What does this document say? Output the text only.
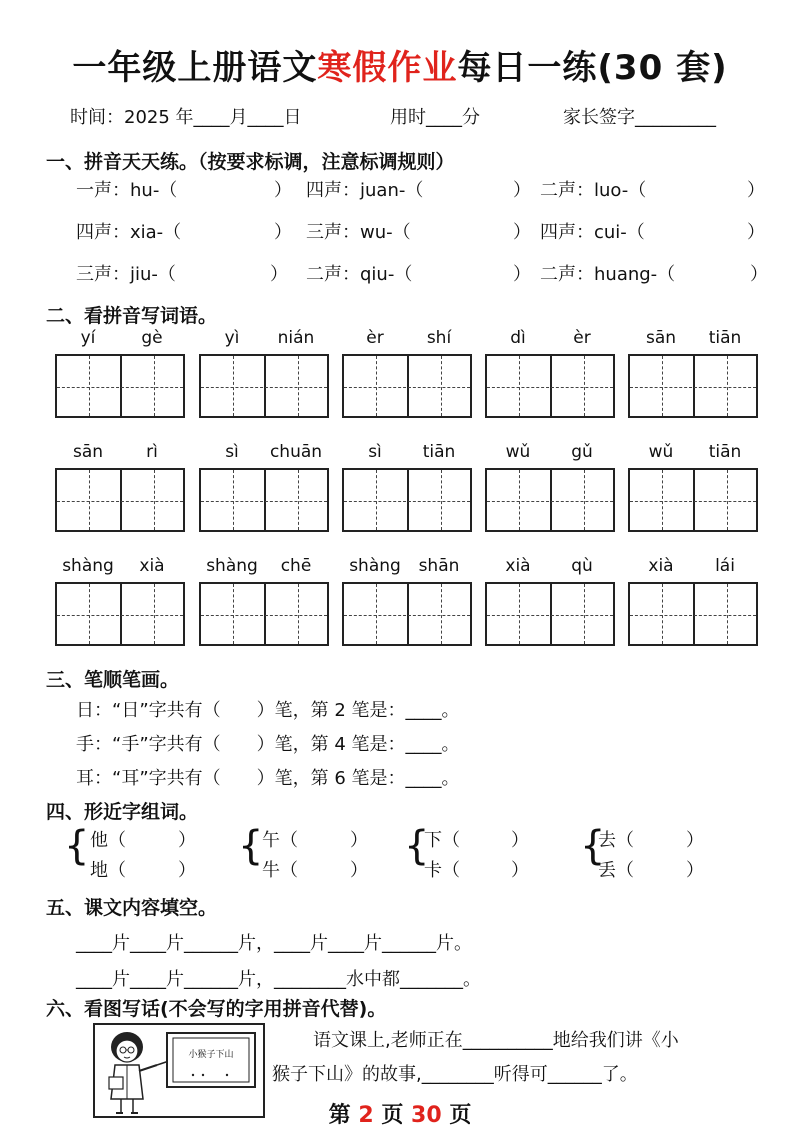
一年级上册语文寒假作业每日一练(30 套)
时间：2025 年____月____日	用时____分	家长签字_________
一、拼音天天练。（按要求标调，注意标调规则）
一声：hu-（	） 四声：juan-（	） 二声：luo-（	）
四声：xia-（	） 三声：wu-（	） 四声：cui-（	）
三声：jiu-（	） 二声：qiu-（	） 二声：huang-（	）
二、看拼音写词语。
yí	gè	yì	nián	èr	shí	dì	èr	sān	tiān
sān	rì	sì	chuān	sì	tiān	wǔ	gǔ	wǔ	tiān
shàng	xià	shàng	chē	shàng	shān	xià	qù	xià	lái
三、笔顺笔画。
日：“日”字共有（　　）笔，第 2 笔是：____。
手：“手”字共有（　　）笔，第 4 笔是：____。
耳：“耳”字共有（　　）笔，第 6 笔是：____。
四、形近字组词。
{ 他（	）
地（	）
{
午（	）
牛（	）
{
下（	）
卡（	）
{
去（	）
丢（	）
五、课文内容填空。
____片____片______片，____片____片______片。
____片____片______片，________水中都_______。
六、看图写话(不会写的字用拼音代替)。
小猴子下山
语文课上,老师正在__________地给我们讲《小
猴子下山》的故事,________听得可______了。
第 2 页 30 页
